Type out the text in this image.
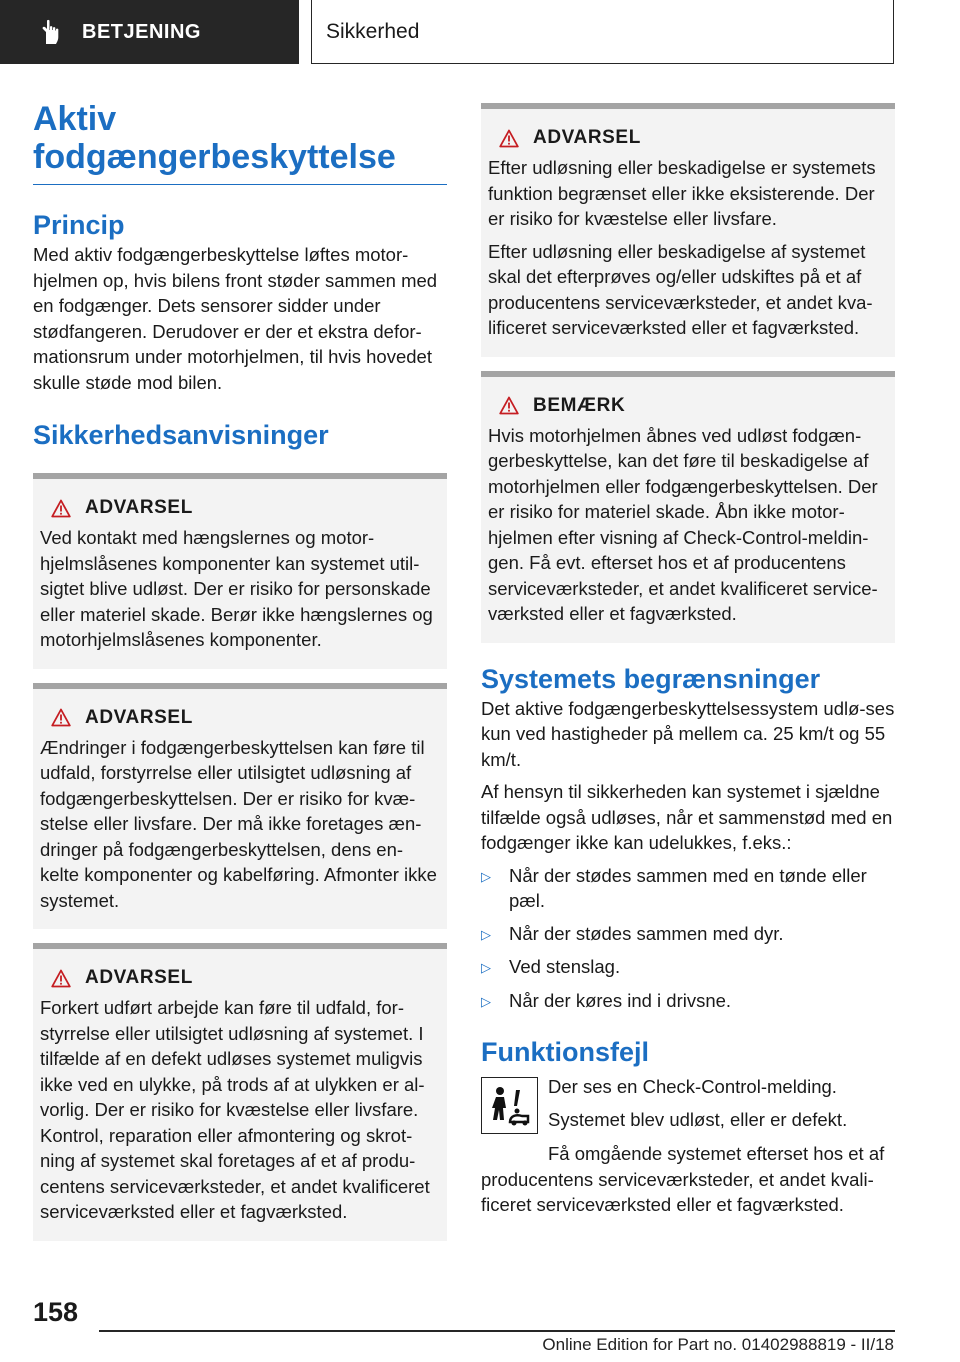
BETJENING	Sikkerhed
Aktiv
fodgængerbeskyttelse
Princip

Med aktiv fodgængerbeskyttelse løftes motor-hjelmen op, hvis bilens front støder sammen med en fodgænger. Dets sensorer sidder under stødfangeren. Derudover er der et ekstra defor-mationsrum under motorhjelmen, til hvis hovedet skulle støde mod bilen.

Sikkerhedsanvisninger
ADVARSEL

Ved kontakt med hængslernes og motor-hjelmslåsenes komponenter kan systemet util-sigtet blive udløst. Der er risiko for personskade eller materiel skade. Berør ikke hængslernes og motorhjelmslåsenes komponenter.

ADVARSEL

Ændringer i fodgængerbeskyttelsen kan føre til udfald, forstyrrelse eller utilsigtet udløsning af fodgængerbeskyttelsen. Der er risiko for kvæ-stelse eller livsfare. Der må ikke foretages æn-dringer på fodgængerbeskyttelsen, dens en-kelte komponenter og kabelføring. Afmonter ikke systemet.

ADVARSEL

Forkert udført arbejde kan føre til udfald, for-styrrelse eller utilsigtet udløsning af systemet. I tilfælde af en defekt udløses systemet muligvis ikke ved en ulykke, på trods af at ulykken er al-vorlig. Der er risiko for kvæstelse eller livsfare. Kontrol, reparation eller afmontering og skrot-ning af systemet skal foretages af et af produ-centens serviceværksteder, et andet kvalificeret serviceværksted eller et fagværksted.

ADVARSEL

Efter udløsning eller beskadigelse er systemets funktion begrænset eller ikke eksisterende. Der er risiko for kvæstelse eller livsfare.

Efter udløsning eller beskadigelse af systemet skal det efterprøves og/eller udskiftes på et af producentens serviceværksteder, et andet kva-lificeret serviceværksted eller et fagværksted.

BEMÆRK

Hvis motorhjelmen åbnes ved udløst fodgæn-gerbeskyttelse, kan det føre til beskadigelse af motorhjelmen eller fodgængerbeskyttelsen. Der er risiko for materiel skade. Åbn ikke motor-hjelmen efter visning af Check-Control-meldin-gen. Få evt. efterset hos et af producentens serviceværksteder, et andet kvalificeret service-værksted eller et fagværksted.

Systemets begrænsninger

Det aktive fodgængerbeskyttelsessystem udlø-ses kun ved hastigheder på mellem ca. 25 km/t og 55 km/t.

Af hensyn til sikkerheden kan systemet i sjældne tilfælde også udløses, når et sammenstød med en fodgænger ikke kan udelukkes, f.eks.:

▷ Når der stødes sammen med en tønde eller pæl.
▷ Når der stødes sammen med dyr.
▷ Ved stenslag.
▷ Når der køres ind i drivsne.
Funktionsfejl

Der ses en Check-Control-melding.

Systemet blev udløst, eller er defekt.

Få omgående systemet efterset hos et af producentens serviceværksteder, et andet kvali-ficeret serviceværksted eller et fagværksted.

158
Online Edition for Part no. 01402988819 - II/18
